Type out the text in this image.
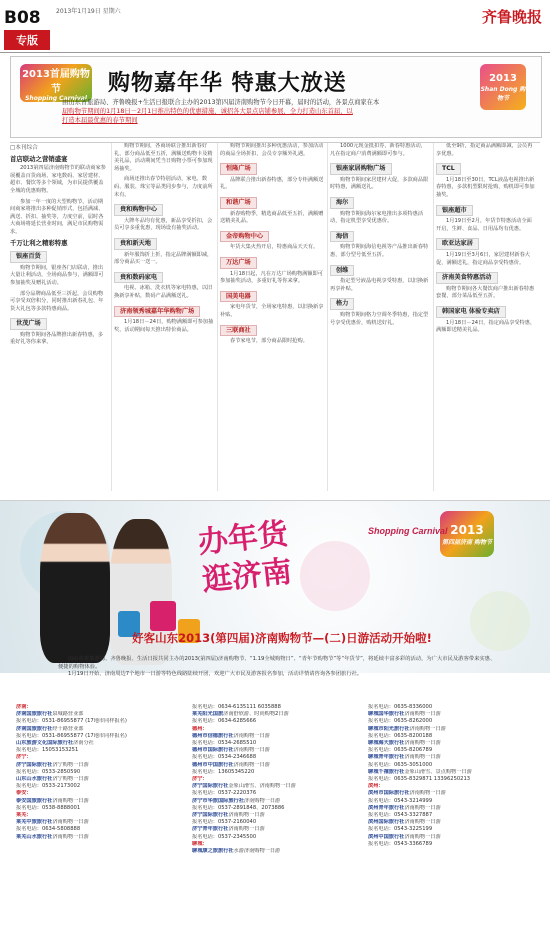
B08	2013年1月19日 星期六
专版
齐鲁晚报
2013首届购物节
Shopping Carnival
2013
Shan Dong 购物节
购物嘉年华 特惠大放送
由山东省旅游局、齐鲁晚报+生活日报联合主办的2013第四届济南购物节今日开幕，届时的活动，各景点商家在本
届购物节期间的1月18日－2月1日推出特色的优惠措施、诚招各大景点店铺参展，全力打造山东首届，以
打造本届最优惠的春节期间
□本刊综合
首店联动之营销盛宴

2013第四届济南购物节的联动商家参展覆盖百货商场、家电数码、家居建材、超市、餐饮等多个领域，为市民提供覆盖全城的优惠购物。

参加一年一度的大型购物节，活动期间商家将推出多种促销形式，包括满减、满送、折扣、抽奖等，力度空前，届时各大商场将延长营业时间，满足市民购物需求。

千万让利之精彩特惠
银座百货

购物节期间，银座各门店联动，推出大量让利活动，全场商品参与，满额即可参加抽奖及赠礼活动。

部分品牌商品低至三折起，会员购物可享受双倍积分，同时推出新春礼包、年货大礼包等多款特惠商品。

世茂广场

购物节期间各品牌推出新春特惠，多重好礼等你来拿。

购物节期间，各商场联合推出新春好礼，部分商品低至五折，满额送购物卡及精美礼品，活动期间凭当日购物小票可参加现场抽奖。

商场还推出春节特别活动，家电、数码、服装、珠宝等品类同步参与，力度前所未有。

贵和购物中心

大牌冬品均有优惠，新品享受折扣，会员可享多重优惠，现场设有抽奖活动。

贵和新天地

新年服饰折上折，指定品牌满额即减，部分商品买一送一。

贵和数码家电

电视、冰箱、洗衣机等家电特惠，以旧换新享补贴，数码产品满额送礼。

济南领秀城嘉年华购物广场

1月18日－24日，购物满额即可参加抽奖，活动期间每天推出特价商品。

购物节期间推出多种优惠活动，参加活动的商品全场折扣，会员专享额外礼遇。

恒隆广场

品牌联合推出新春特惠，部分专柜满额送礼。

和谐广场

新春购物季，精选商品低至五折，满额赠送精美礼品。

金帝购物中心

年货大集火热开启，特惠商品天天有。

万达广场

1月18日起，凡在万达广场购物满额即可参加抽奖活动，多重好礼等你来拿。

国美电器

家电年货节，全场家电特惠，以旧换新享补贴。

三联商社

春节家电节，部分商品限时抢购。

1000元现金抵扣券，新春特惠活动，凡在指定商户消费满额即可参与。

银座家居购物广场

购物节期间家居建材大促，多款商品限时特惠，满额送礼。

海尔

购物节期间海尔家电推出多项特惠活动，指定机型享受优惠价。

海信

购物节期间海信电视等产品推出新春特惠，部分型号低至五折。

创维

指定型号液晶电视享受特惠，以旧换新再享补贴。

格力

购物节期间格力空调冬季特惠，指定型号享受优惠价，购机送好礼。

低至9折，指定商品满额即减，会员再享优惠。

TCL

1月18日至30日，TCL液晶电视推出新春特惠，多款机型限时抢购，购机即可参加抽奖。

银座超市

1月19日至2月，年货节特惠活动全面开启，生鲜、食品、日用品均有优惠。

欧亚达家居

1月19日至3月6日，家居建材新春大促，满额送礼，指定商品享受特惠价。

济南美食特惠活动

购物节期间各大餐饮商户推出新春特惠套餐，部分菜品低至五折。

韩国家电 体验专卖店

1月18日－24日，指定商品享受特惠，满额即送精美礼品。

2013
第四届济南 购物节
Shopping Carnival
办年货
逛济南
好客山东2013(第四届)济南购物节—(二)日游活动开始啦!

由山东省旅游局、齐鲁晚报、生活日报共同主办的2013(第四届)济南购物节、“1.19全城购物日”、“青年节购物节”等“年货节”，将延续丰富多彩的活动，为广大市民及游客带来实惠、便捷的购物体验。

1月19日开始，济南周边7个地市一日游等特色线路陆续开团，欢迎广大市民及游客报名参加，活动详情请咨询各参团旅行社。

济南：
济南国旅旅行社泉城路营业部
报名电话：0531-86955877 (17地市同样报名)
济南国旅旅行社经十路营业部
报名电话：0531-86955877 (17地市同样报名)
山东旅游文化国际旅行社济南分社
报名电话：15053153251
济宁：
济宁国际旅行社济宁购物一日游
报名电话：0533-2850590
山东山水旅行社济宁购物一日游
报名电话：0533-2173002
泰安：
泰安国旅旅行社济南购物一日游
报名电话：0538-8888001
莱芜：
莱芜中旅旅行社济南购物一日游
报名电话：0634-5808888
莱芜山水旅行社济南购物一日游
报名电话：0634-6135111 6035888
莱芜阳光国旅济南舒欣游、时尚购物2日游
报名电话：0634-6285666
德州：
德州市信德旅行社济南购物一日游
报名电话：0534-2685510
德州市国际旅行社济南购物一日游
报名电话：0534-2346688
德州市中国旅行社济南购物一日游
报名电话：13605345220
济宁：
济宁国际旅行社金象山滑雪、济南购物一日游
报名电话：0537-2220376
济宁市华旅国际旅行社济南购物一日游
报名电话：0537-2891848、2073886
济宁国际旅行社济南购物一日游
报名电话：0537-2160040
济宁青年旅行社济南购物一日游
报名电话：0537-2345500
聊城：
聊城康之旅旅行社水游济南购物一日游
报名电话：0635-8336000
聊城国华旅行社济南购物一日游
报名电话：0635-8262000
聊城市阳光旅行社济南购物一日游
报名电话：0635-8200188
聊城海天旅行社济南购物一日游
报名电话：0635-8206789
聊城青年旅行社济南购物一日游
报名电话：0635-3051000
聊城千禧旅行社金象山滑雪、景点购物一日游
报名电话：0635-8329871 13396250213
滨州：
滨州市国际旅行社济南购物一日游
报名电话：0543-3214999
滨州青年旅行社济南购物一日游
报名电话：0543-3327887
滨州国际旅行社济南购物一日游
报名电话：0543-3225199
滨州中国旅行社济南购物一日游
报名电话：0543-3366789
